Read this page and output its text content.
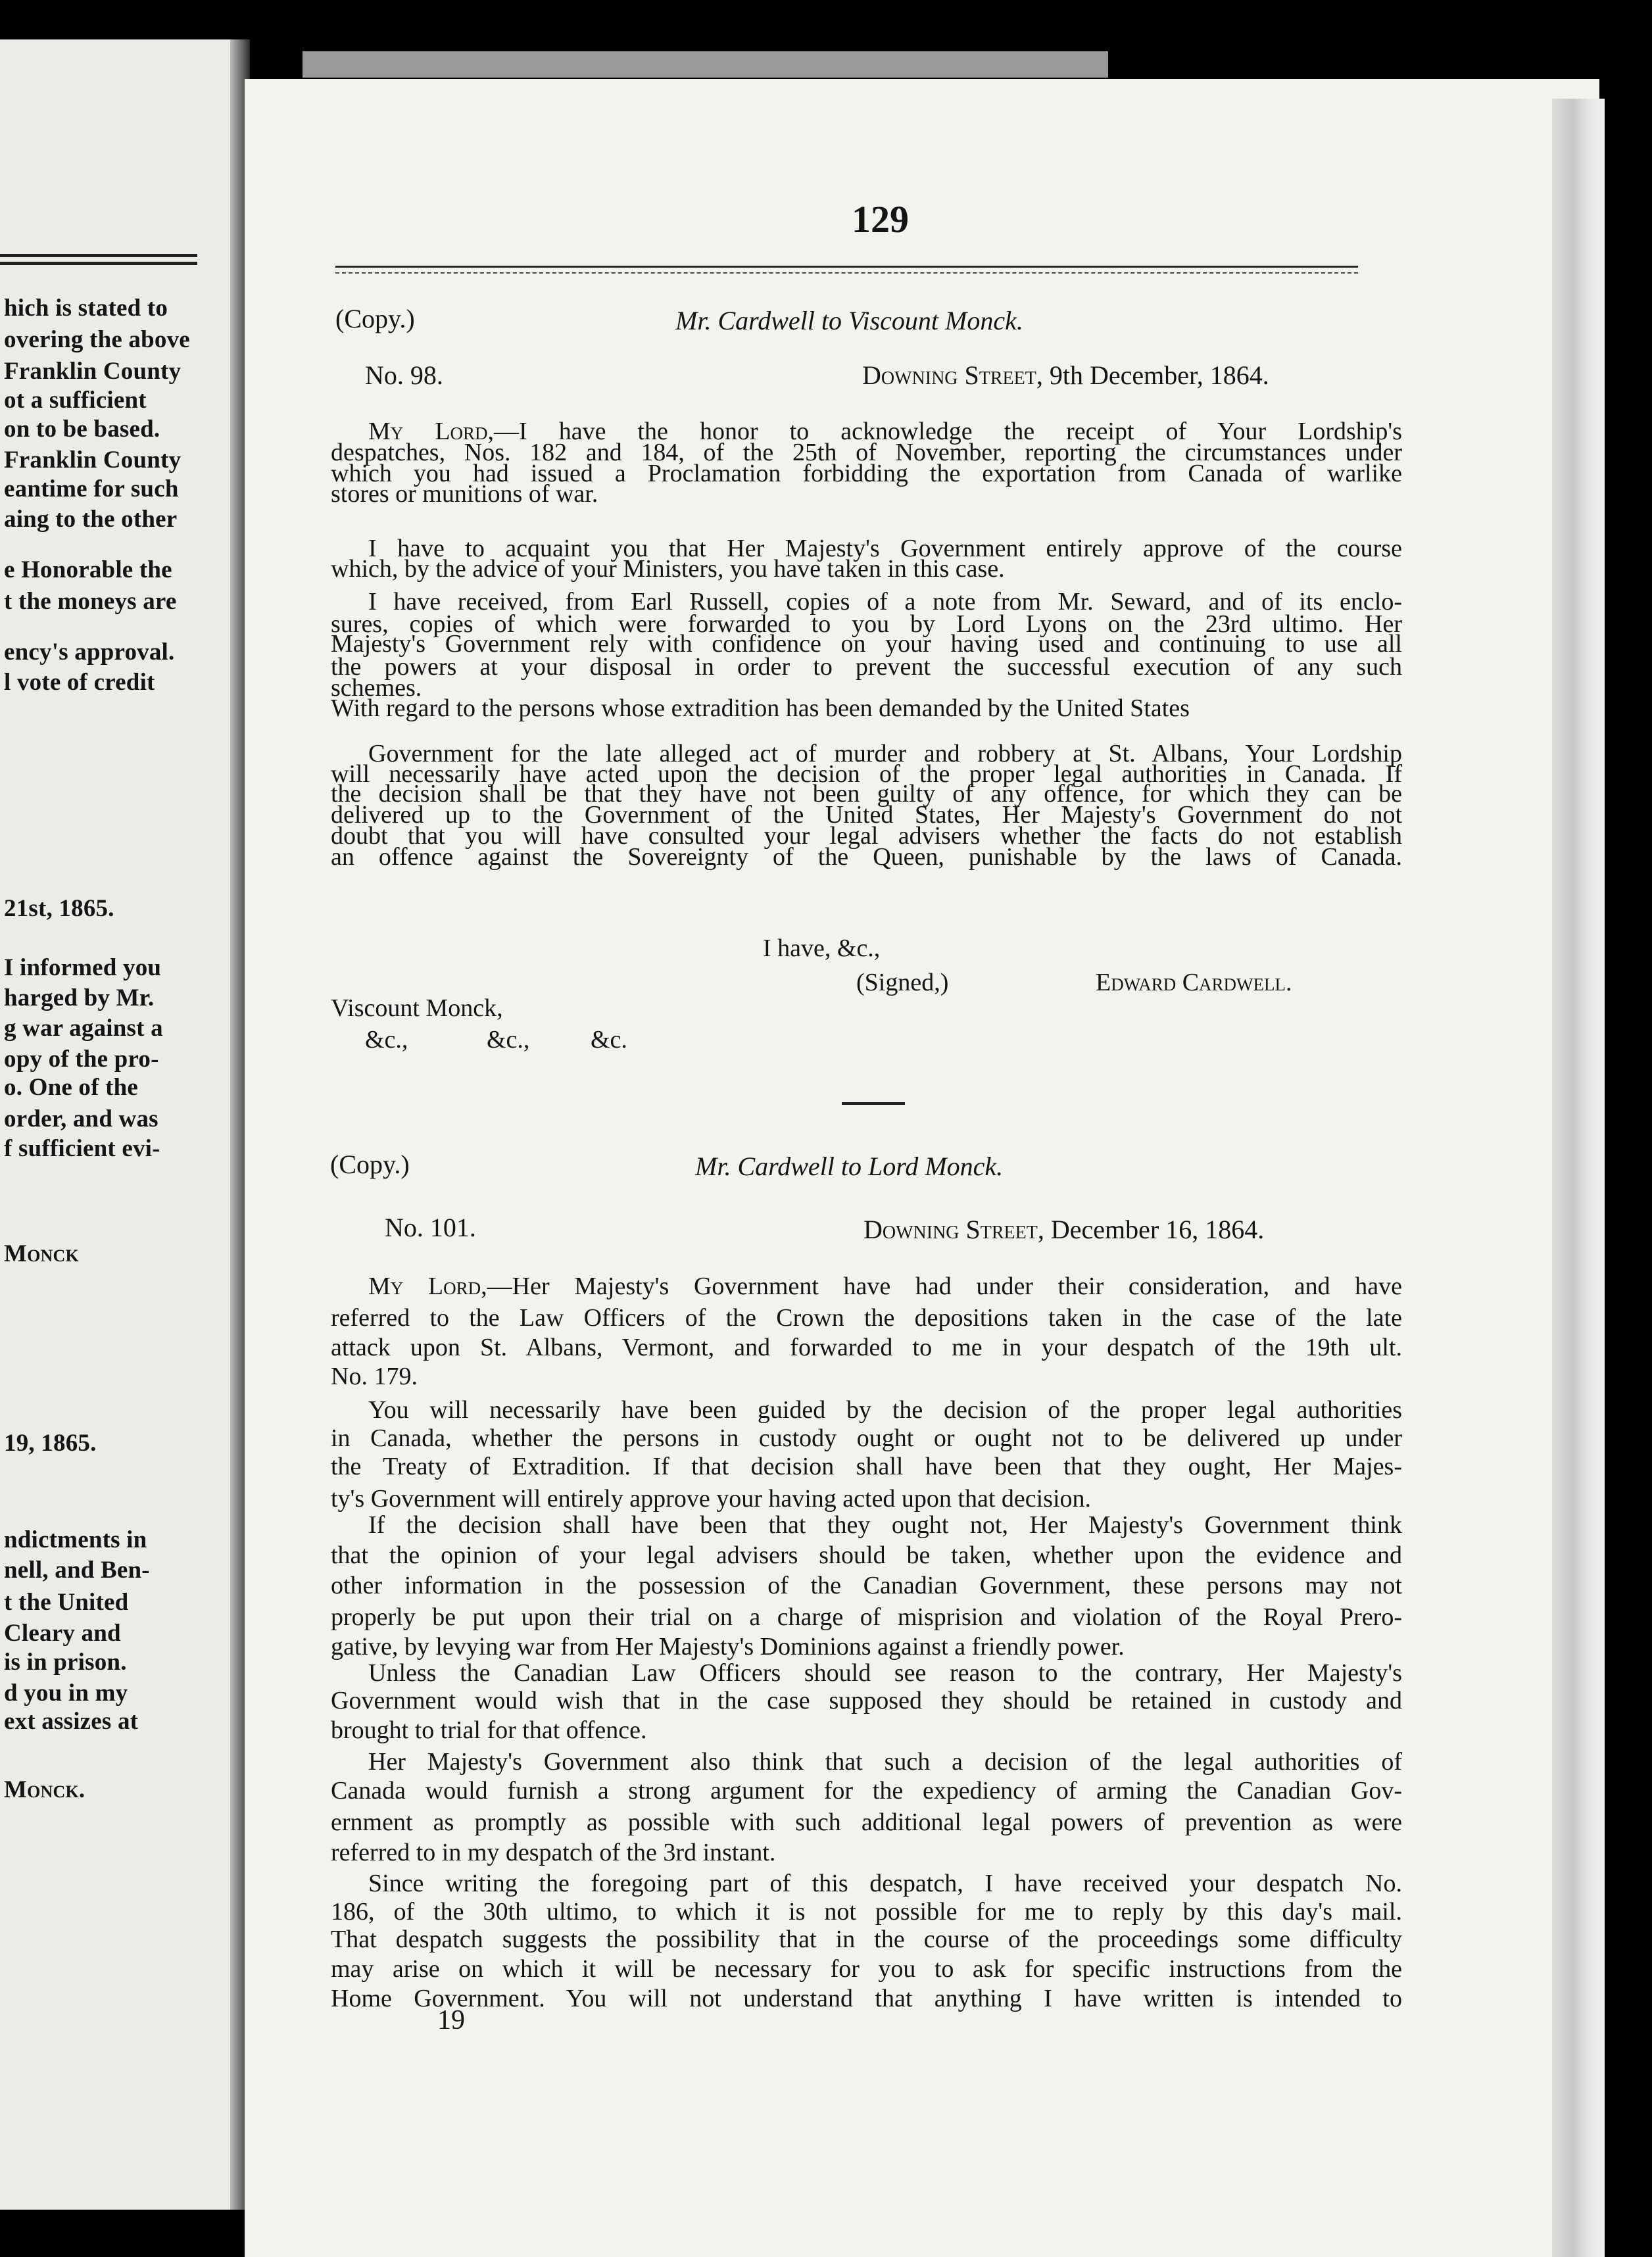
hich is stated to
overing the above
Franklin County
ot a sufficient
on to be based.
Franklin County
eantime for such
aing to the other
e Honorable the
t the moneys are
ency's approval.
l vote of credit
21st, 1865.
I informed you
harged by Mr.
g war against a
opy of the pro-
o. One of the
order, and was
f sufficient evi-
Monck
19, 1865.
ndictments in
nell, and Ben-
t the United
Cleary and
is in prison.
d you in my
ext assizes at
Monck.
129
(Copy.)	Mr. Cardwell to Viscount Monck.
No. 98.	Downing Street, 9th December, 1864.
My Lord,—I have the honor to acknowledge the receipt of Your Lordship's
despatches, Nos. 182 and 184, of the 25th of November, reporting the circumstances under
which you had issued a Proclamation forbidding the exportation from Canada of warlike
stores or munitions of war.
I have to acquaint you that Her Majesty's Government entirely approve of the course
which, by the advice of your Ministers, you have taken in this case.
I have received, from Earl Russell, copies of a note from Mr. Seward, and of its enclo-
sures, copies of which were forwarded to you by Lord Lyons on the 23rd ultimo. Her
Majesty's Government rely with confidence on your having used and continuing to use all
the powers at your disposal in order to prevent the successful execution of any such
schemes.
With regard to the persons whose extradition has been demanded by the United States
Government for the late alleged act of murder and robbery at St. Albans, Your Lordship
will necessarily have acted upon the decision of the proper legal authorities in Canada. If
the decision shall be that they have not been guilty of any offence, for which they can be
delivered up to the Government of the United States, Her Majesty's Government do not
doubt that you will have consulted your legal advisers whether the facts do not establish
an offence against the Sovereignty of the Queen, punishable by the laws of Canada.
I have, &c.,
(Signed,)	Edward Cardwell.
Viscount Monck,
&c.,	&c., &c.
(Copy.)	Mr. Cardwell to Lord Monck.
No. 101.	Downing Street, December 16, 1864.
My Lord,—Her Majesty's Government have had under their consideration, and have
referred to the Law Officers of the Crown the depositions taken in the case of the late
attack upon St. Albans, Vermont, and forwarded to me in your despatch of the 19th ult.
No. 179.
You will necessarily have been guided by the decision of the proper legal authorities
in Canada, whether the persons in custody ought or ought not to be delivered up under
the Treaty of Extradition. If that decision shall have been that they ought, Her Majes-
ty's Government will entirely approve your having acted upon that decision.
If the decision shall have been that they ought not, Her Majesty's Government think
that the opinion of your legal advisers should be taken, whether upon the evidence and
other information in the possession of the Canadian Government, these persons may not
properly be put upon their trial on a charge of misprision and violation of the Royal Prero-
gative, by levying war from Her Majesty's Dominions against a friendly power.
Unless the Canadian Law Officers should see reason to the contrary, Her Majesty's
Government would wish that in the case supposed they should be retained in custody and
brought to trial for that offence.
Her Majesty's Government also think that such a decision of the legal authorities of
Canada would furnish a strong argument for the expediency of arming the Canadian Gov-
ernment as promptly as possible with such additional legal powers of prevention as were
referred to in my despatch of the 3rd instant.
Since writing the foregoing part of this despatch, I have received your despatch No.
186, of the 30th ultimo, to which it is not possible for me to reply by this day's mail.
That despatch suggests the possibility that in the course of the proceedings some difficulty
may arise on which it will be necessary for you to ask for specific instructions from the
Home Government. You will not understand that anything I have written is intended to
19
